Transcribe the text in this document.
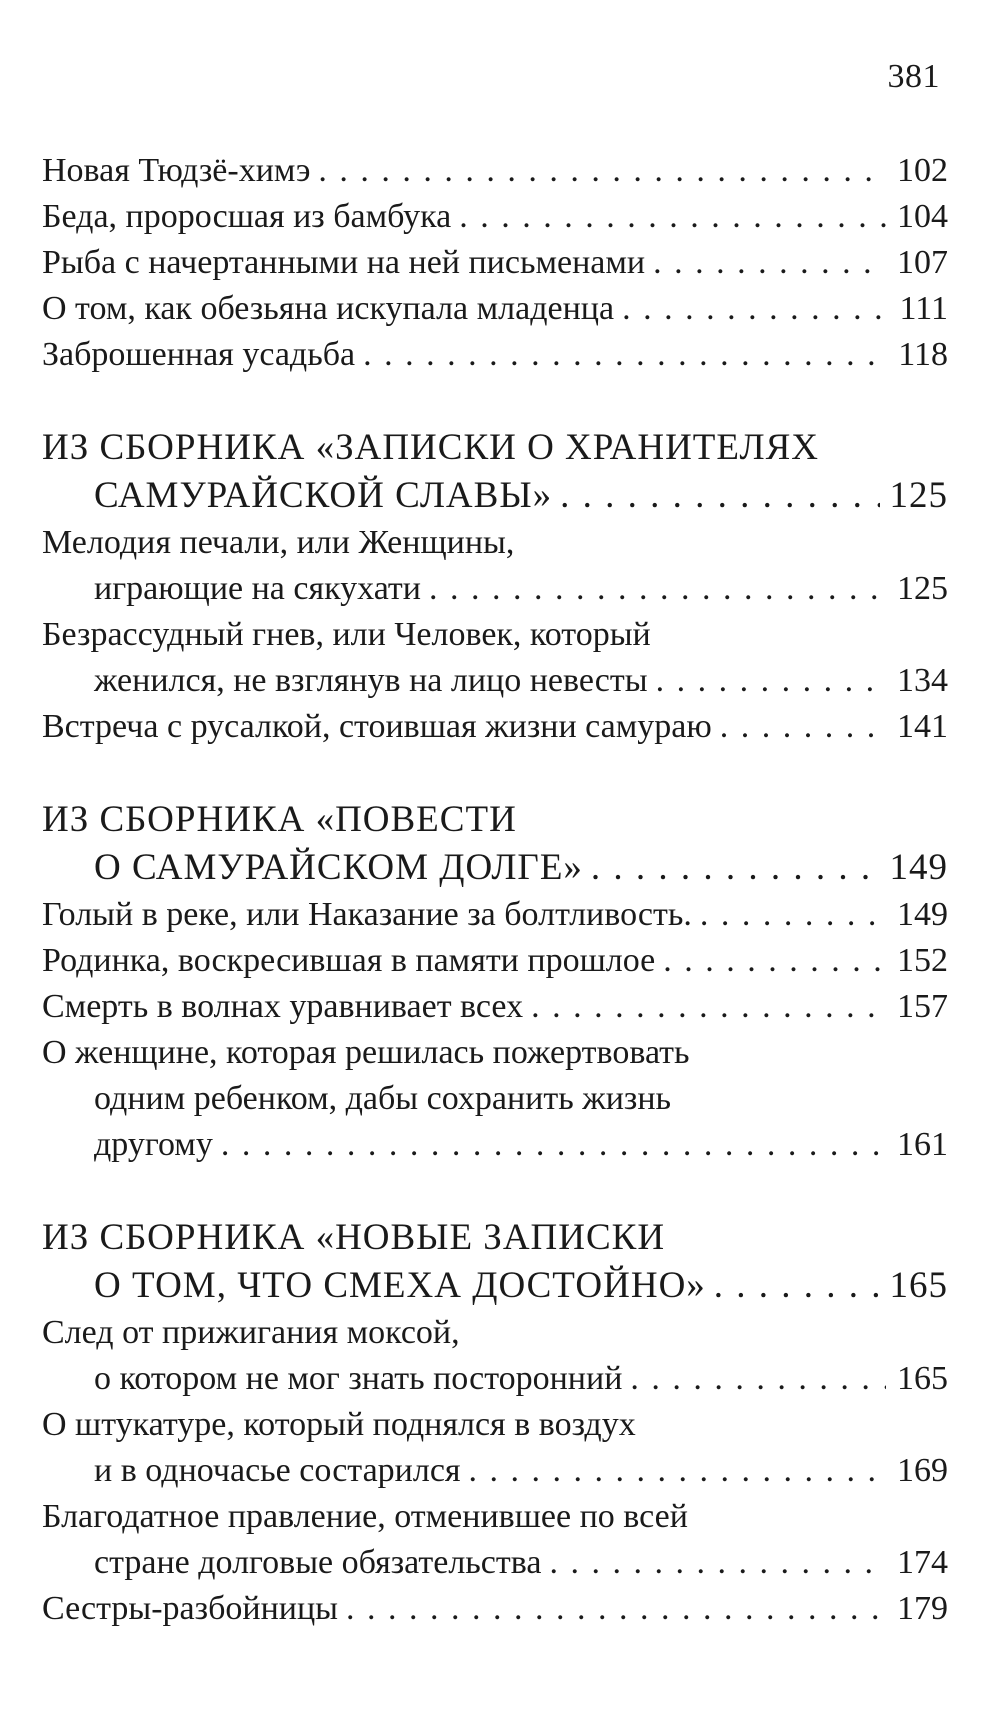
381
Новая Тюдзё-химэ . . .	102
Беда, проросшая из бамбука . . .	104
Рыба с начертанными на ней письменами . . .	107
О том, как обезьяна искупала младенца . . .	111
Заброшенная усадьба . . .	118
ИЗ СБОРНИКА «ЗАПИСКИ О ХРАНИТЕЛЯХ
САМУРАЙСКОЙ СЛАВЫ» . . .	125
Мелодия печали, или Женщины,
играющие на сякухати . . .	125
Безрассудный гнев, или Человек, который
женился, не взглянув на лицо невесты . . .	134
Встреча с русалкой, стоившая жизни самураю . . .	141
ИЗ СБОРНИКА «ПОВЕСТИ
О САМУРАЙСКОМ ДОЛГЕ» . . .	149
Голый в реке, или Наказание за болтливость. . . .	149
Родинка, воскресившая в памяти прошлое . . .	152
Смерть в волнах уравнивает всех . . .	157
О женщине, которая решилась пожертвовать
одним ребенком, дабы сохранить жизнь
другому . . .	161
ИЗ СБОРНИКА «НОВЫЕ ЗАПИСКИ
О ТОМ, ЧТО СМЕХА ДОСТОЙНО» . . .	165
След от прижигания моксой,
о котором не мог знать посторонний . . .	165
О штукатуре, который поднялся в воздух
и в одночасье состарился . . .	169
Благодатное правление, отменившее по всей
стране долговые обязательства . . .	174
Сестры-разбойницы . . .	179
